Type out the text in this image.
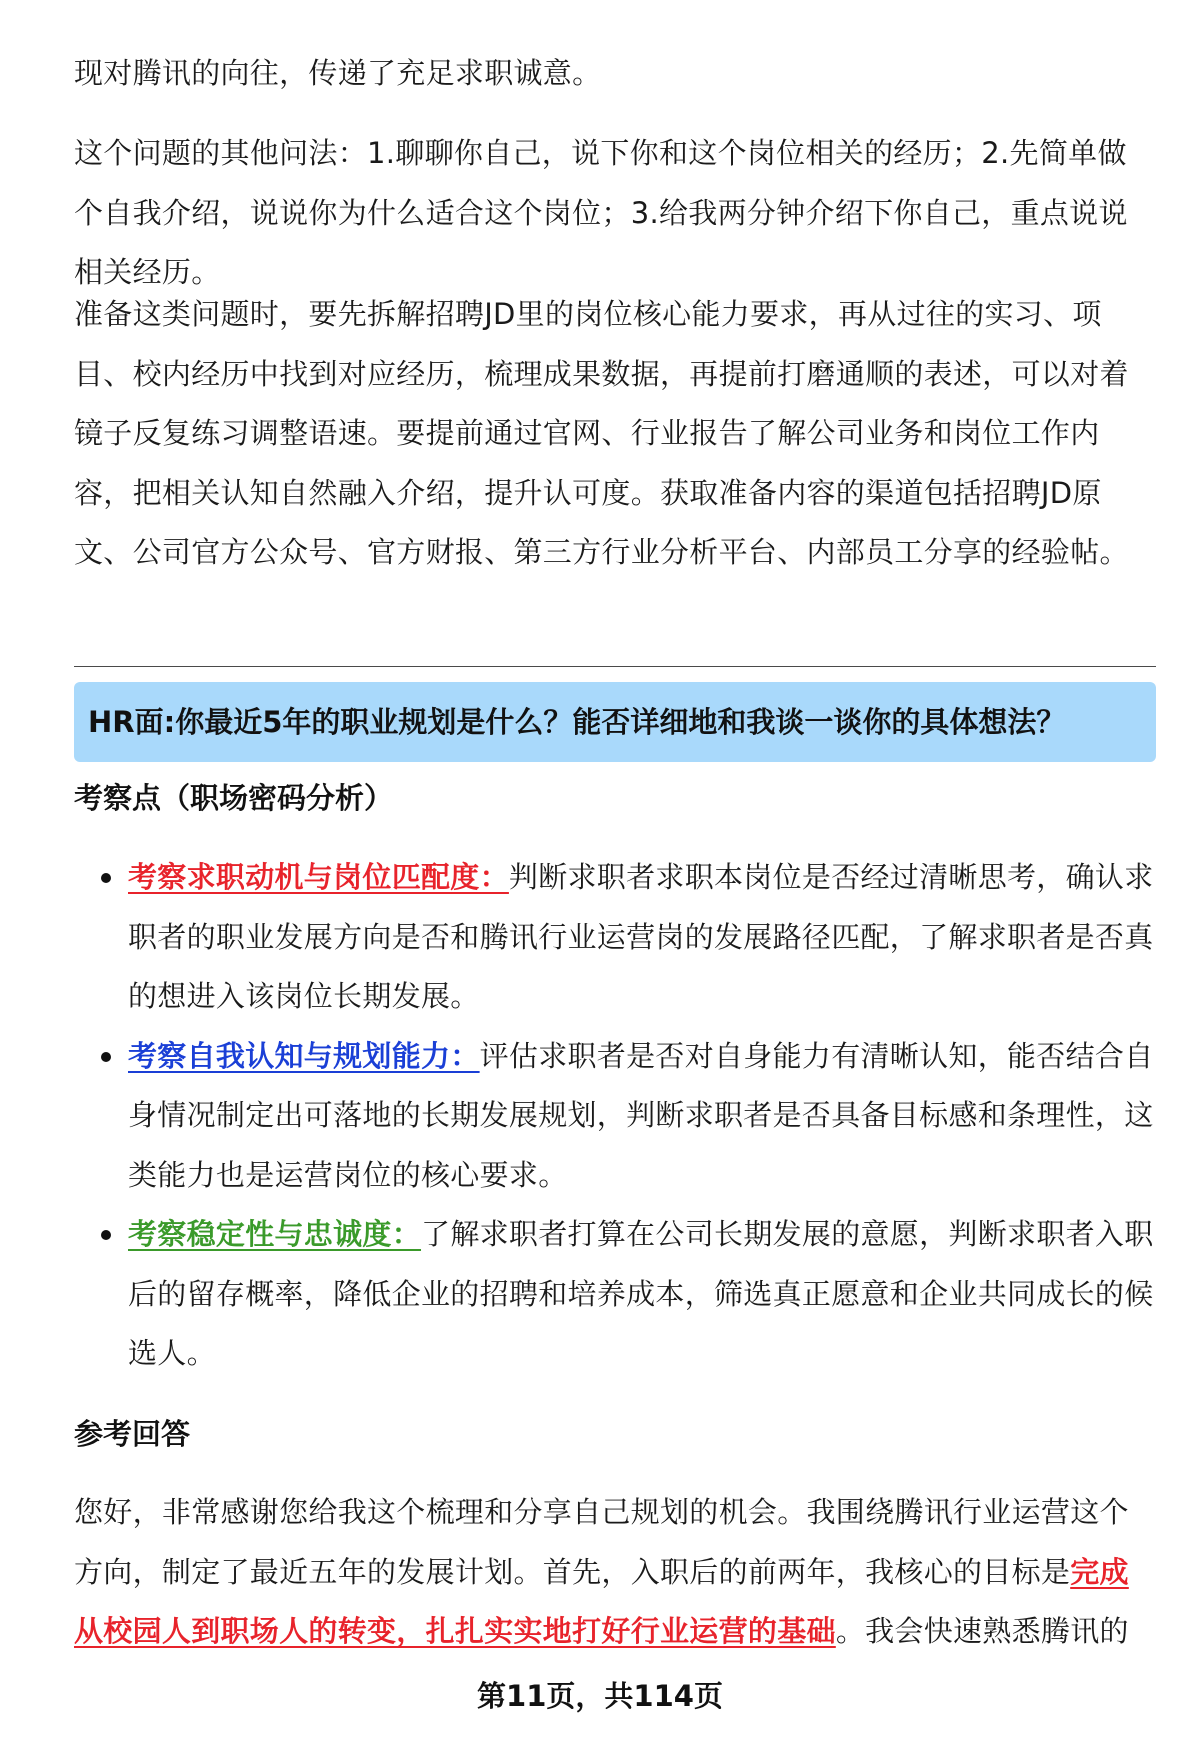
现对腾讯的向往，传递了充足求职诚意。

这个问题的其他问法：1.聊聊你自己，说下你和这个岗位相关的经历；2.先简单做个自我介绍，说说你为什么适合这个岗位；3.给我两分钟介绍下你自己，重点说说相关经历。

准备这类问题时，要先拆解招聘JD里的岗位核心能力要求，再从过往的实习、项目、校内经历中找到对应经历，梳理成果数据，再提前打磨通顺的表述，可以对着镜子反复练习调整语速。要提前通过官网、行业报告了解公司业务和岗位工作内容，把相关认知自然融入介绍，提升认可度。获取准备内容的渠道包括招聘JD原文、公司官方公众号、官方财报、第三方行业分析平台、内部员工分享的经验帖。

HR面:你最近5年的职业规划是什么？能否详细地和我谈一谈你的具体想法？
考察点（职场密码分析）
考察求职动机与岗位匹配度：判断求职者求职本岗位是否经过清晰思考，确认求职者的职业发展方向是否和腾讯行业运营岗的发展路径匹配，了解求职者是否真的想进入该岗位长期发展。
考察自我认知与规划能力：评估求职者是否对自身能力有清晰认知，能否结合自身情况制定出可落地的长期发展规划，判断求职者是否具备目标感和条理性，这类能力也是运营岗位的核心要求。
考察稳定性与忠诚度：了解求职者打算在公司长期发展的意愿，判断求职者入职后的留存概率，降低企业的招聘和培养成本，筛选真正愿意和企业共同成长的候选人。
参考回答

您好，非常感谢您给我这个梳理和分享自己规划的机会。我围绕腾讯行业运营这个方向，制定了最近五年的发展计划。首先，入职后的前两年，我核心的目标是完成从校园人到职场人的转变，扎扎实实地打好行业运营的基础。我会快速熟悉腾讯的

第11页，共114页
